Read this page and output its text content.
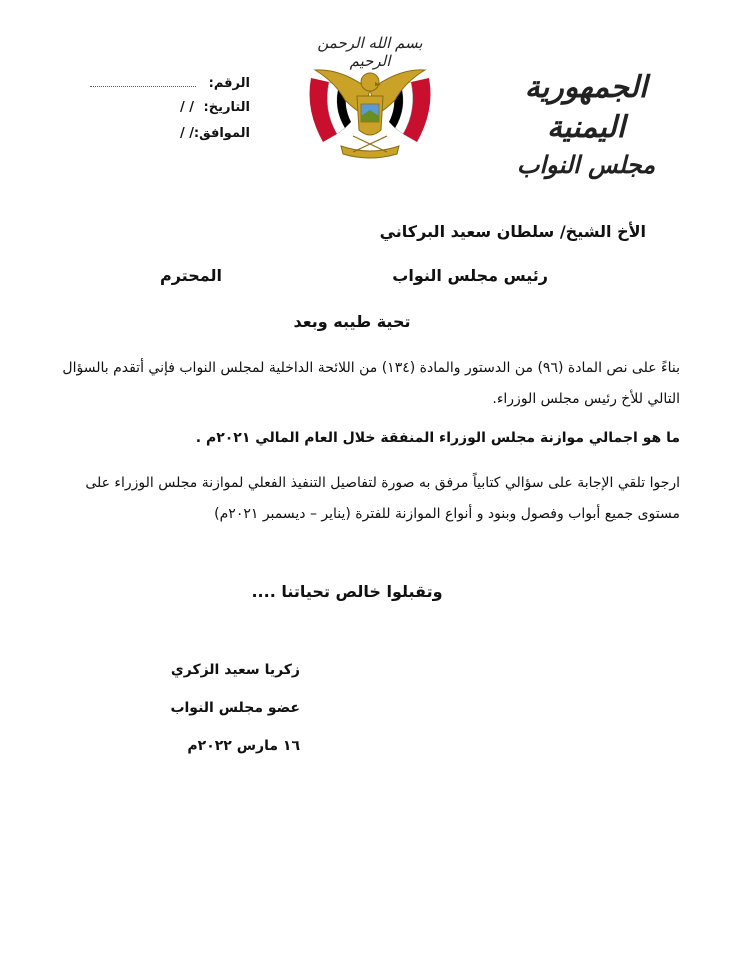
الجمهورية اليمنية
مجلس النواب
بسم الله الرحمن الرحيم
الرقم:
التاريخ:
/ /
الموافق:
/ /
الأخ الشيخ/ سلطان سعيد البركاني
رئيس مجلس النواب
المحترم
تحية طيبه وبعد
بناءً على نص المادة (٩٦) من الدستور والمادة (١٣٤) من اللائحة الداخلية لمجلس النواب فإني أتقدم بالسؤال التالي للأخ رئيس مجلس الوزراء.
ما هو اجمالي موازنة مجلس الوزراء المنفقة خلال العام المالي ٢٠٢١م .
ارجوا تلقي الإجابة على سؤالي كتابياً مرفق به صورة لتفاصيل التنفيذ الفعلي لموازنة مجلس الوزراء على مستوى جميع أبواب وفصول وبنود و أنواع الموازنة للفترة (يناير – ديسمبر ٢٠٢١م)
وتقبلوا خالص تحياتنا ....
زكريا سعيد الزكري
عضو مجلس النواب
١٦ مارس ٢٠٢٢م
